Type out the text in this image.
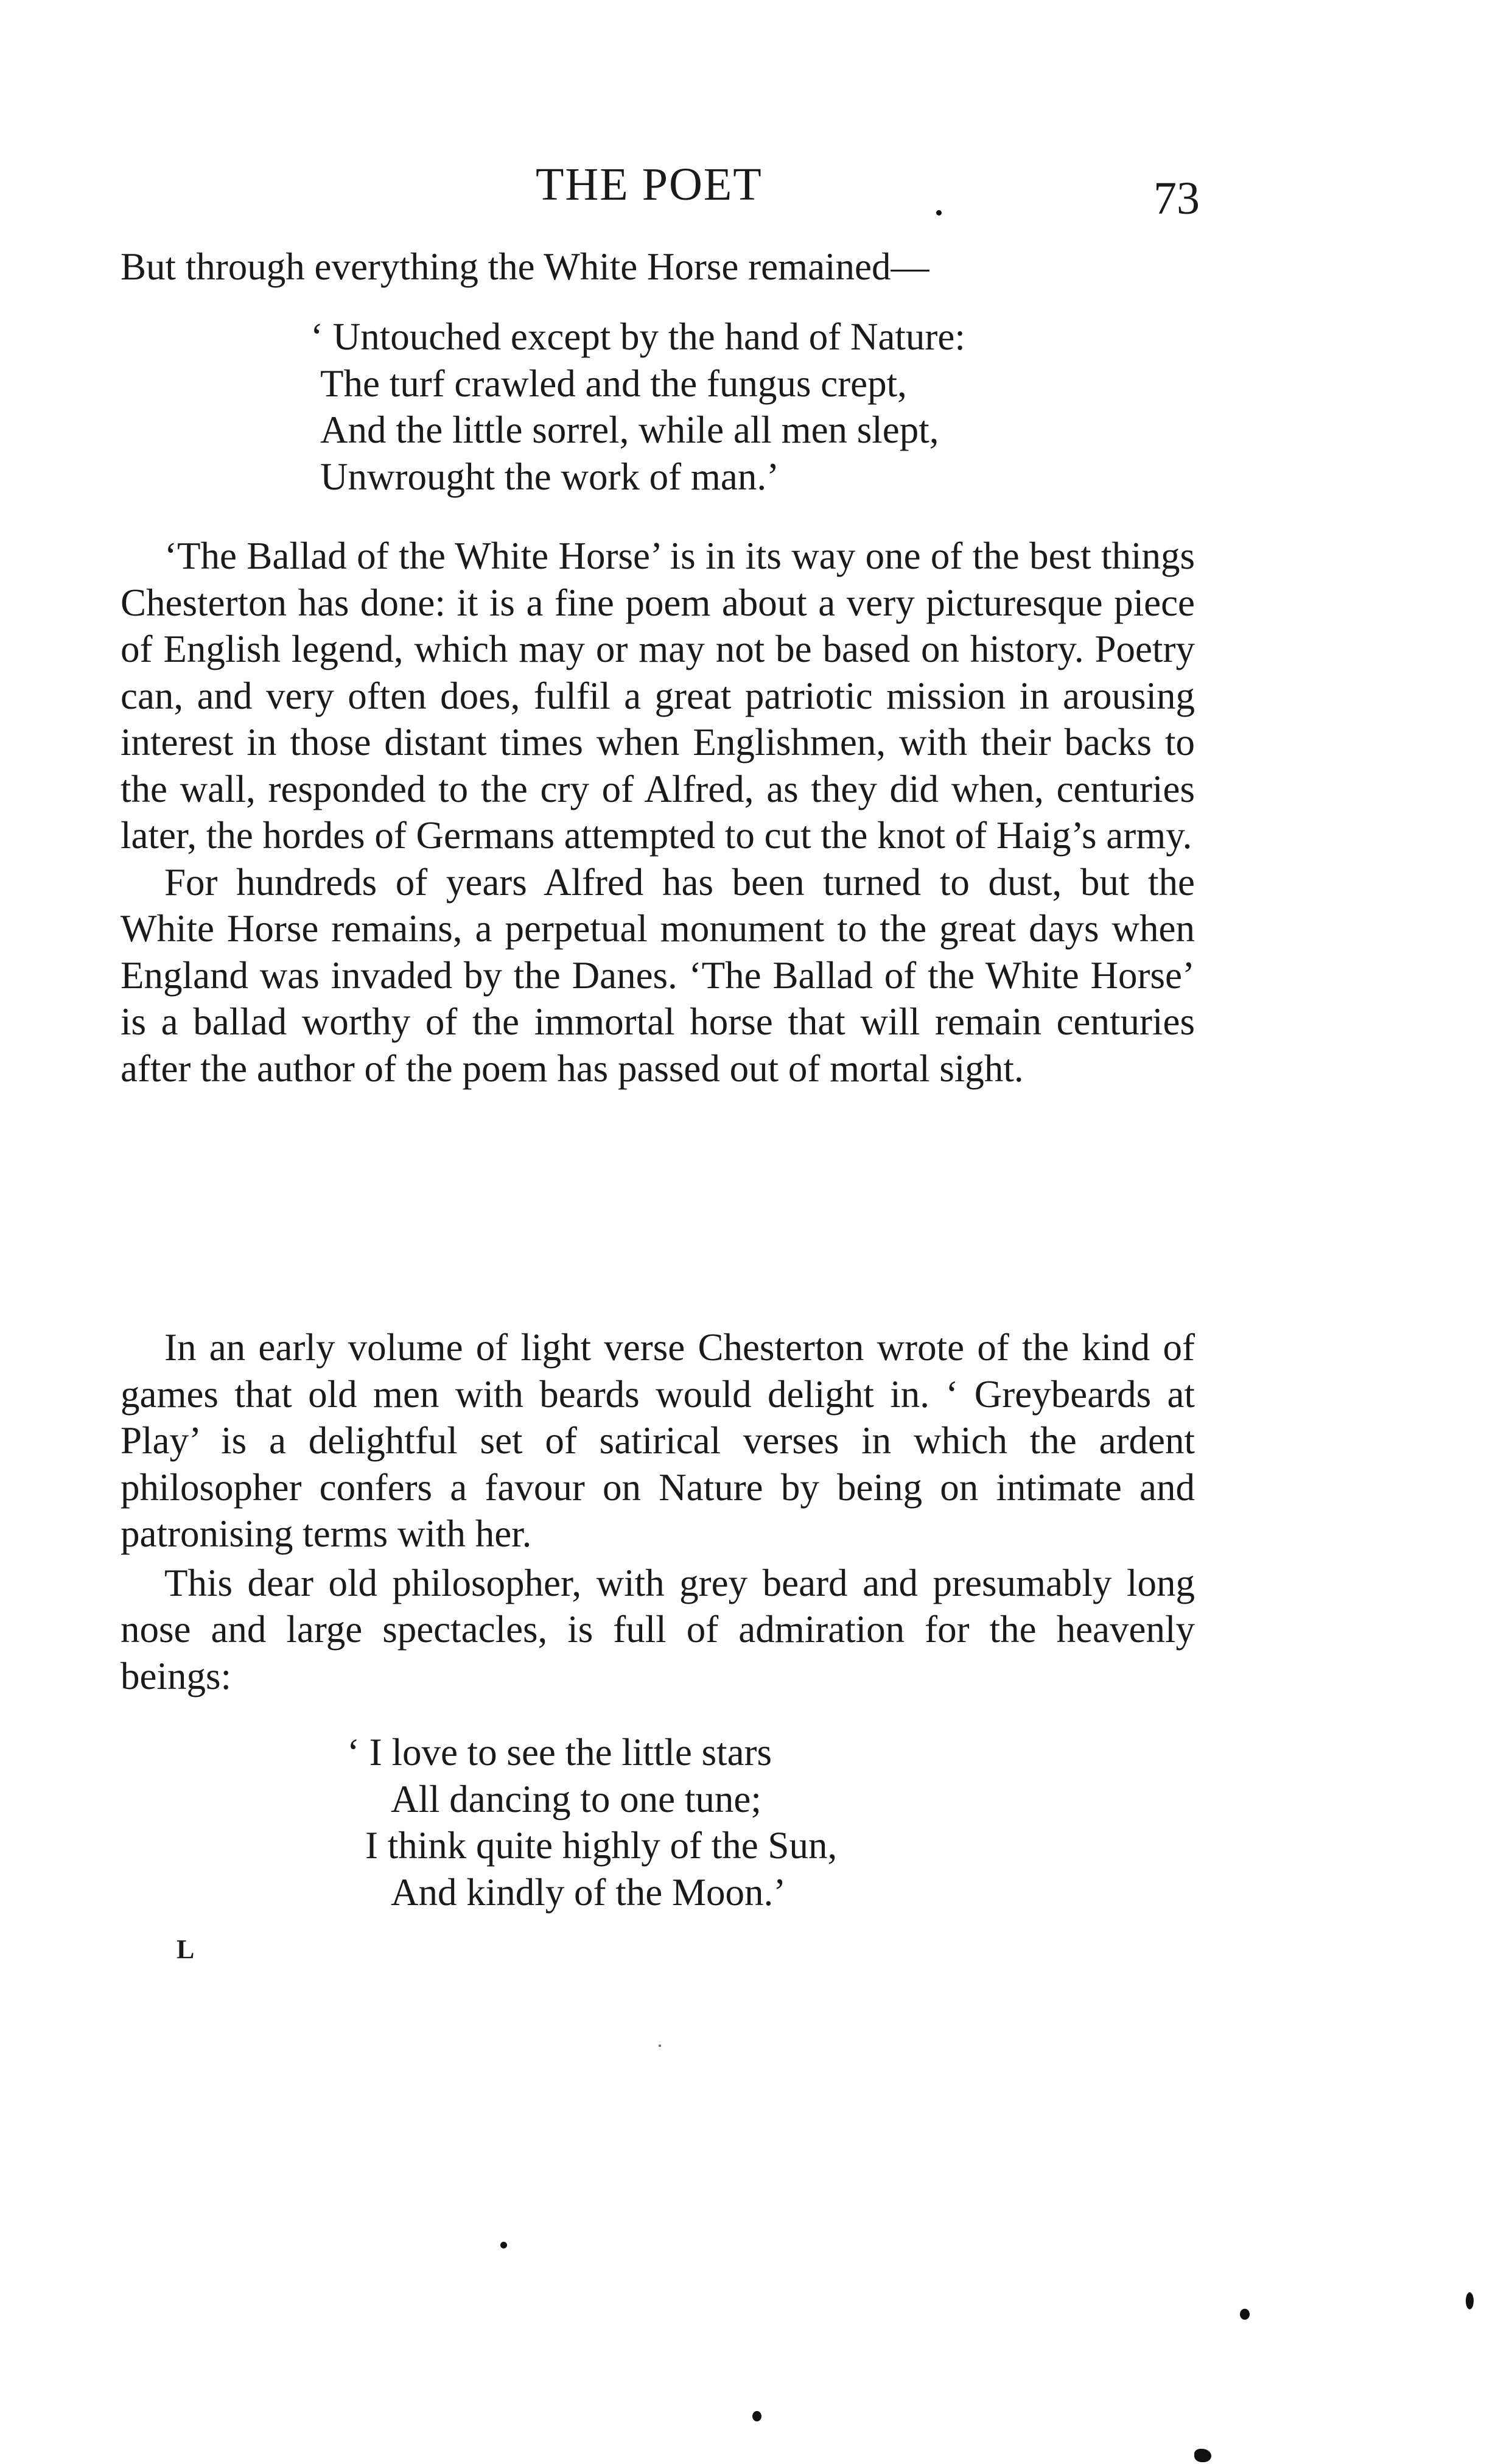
THE POET	73

But through everything the White Horse remained—

‘ Untouched except by the hand of Nature:
The turf crawled and the fungus crept,
And the little sorrel, while all men slept,
Unwrought the work of man.’

‘The Ballad of the White Horse’ is in its way one of the best things Chesterton has done: it is a fine poem about a very picturesque piece of English legend, which may or may not be based on history. Poetry can, and very often does, fulfil a great patriotic mission in arousing interest in those distant times when Englishmen, with their backs to the wall, responded to the cry of Alfred, as they did when, centuries later, the hordes of Germans attempted to cut the knot of Haig’s army.

For hundreds of years Alfred has been turned to dust, but the White Horse remains, a perpetual monument to the great days when England was invaded by the Danes. ‘The Ballad of the White Horse’ is a ballad worthy of the immortal horse that will remain centuries after the author of the poem has passed out of mortal sight.

In an early volume of light verse Chesterton wrote of the kind of games that old men with beards would delight in. ‘ Greybeards at Play’ is a delightful set of satirical verses in which the ardent philosopher confers a favour on Nature by being on intimate and patronising terms with her.

This dear old philosopher, with grey beard and presumably long nose and large spectacles, is full of admiration for the heavenly beings:

‘ I love to see the little stars
All dancing to one tune;
I think quite highly of the Sun,
And kindly of the Moon.’
L
